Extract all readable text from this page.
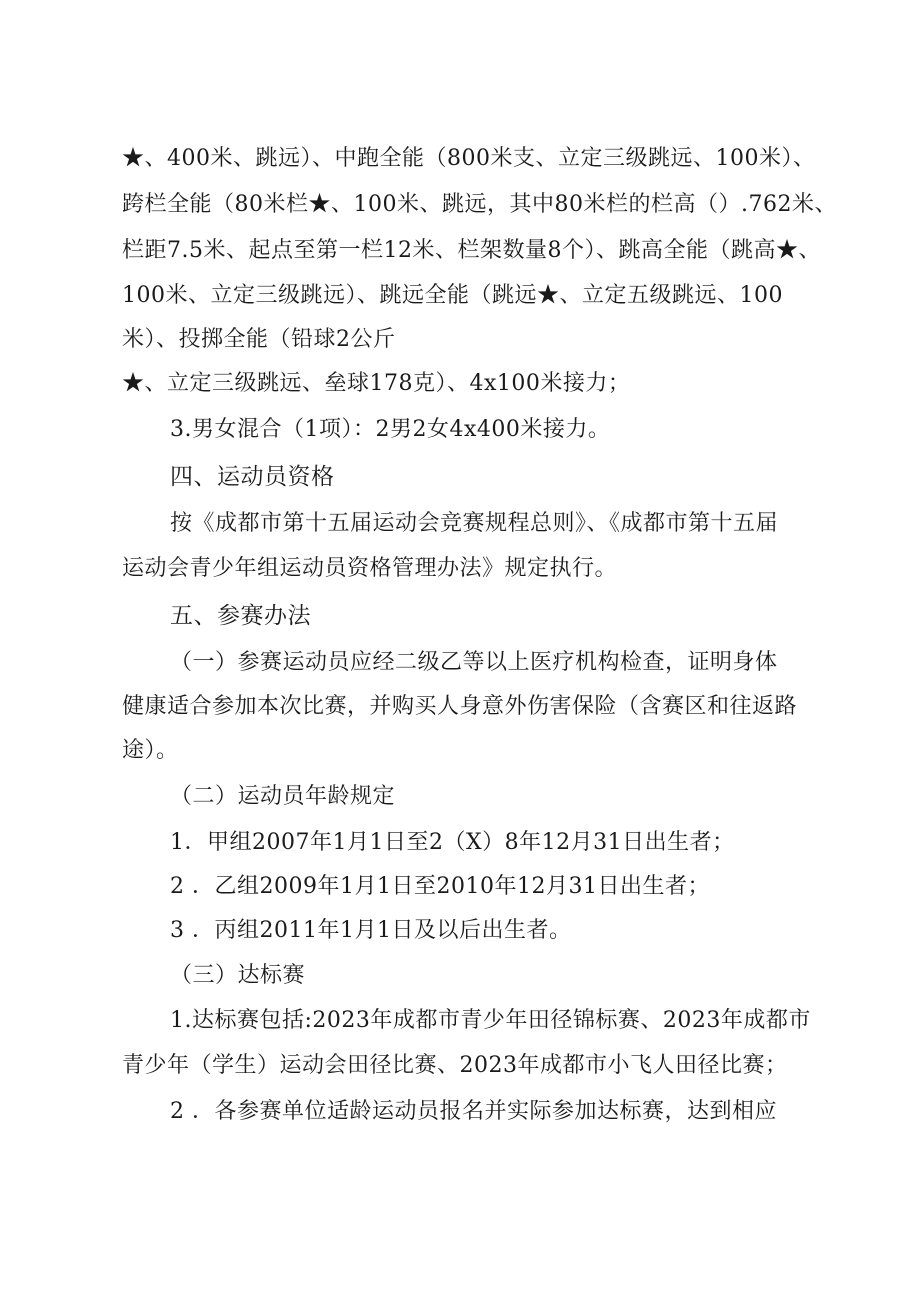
★、400米、跳远）、中跑全能（800米支、立定三级跳远、100米）、
跨栏全能（80米栏★、100米、跳远，其中80米栏的栏高（）.762米、
栏距7.5米、起点至第一栏12米、栏架数量8个）、跳高全能（跳高★、
100米、立定三级跳远）、跳远全能（跳远★、立定五级跳远、100
米）、投掷全能（铅球2公斤
★、立定三级跳远、垒球178克）、4x100米接力；
3.男女混合（1项）：2男2女4x400米接力。
四、运动员资格
按《成都市第十五届运动会竞赛规程总则》、《成都市第十五届
运动会青少年组运动员资格管理办法》规定执行。
五、参赛办法
（一）参赛运动员应经二级乙等以上医疗机构检查，证明身体
健康适合参加本次比赛，并购买人身意外伤害保险（含赛区和往返路
途）。
（二）运动员年龄规定
1．甲组2007年1月1日至2（X）8年12月31日出生者；
2 ．乙组2009年1月1日至2010年12月31日出生者；
3 ．丙组2011年1月1日及以后出生者。
（三）达标赛
1.达标赛包括:2023年成都市青少年田径锦标赛、2023年成都市
青少年（学生）运动会田径比赛、2023年成都市小飞人田径比赛；
2 ．各参赛单位适龄运动员报名并实际参加达标赛，达到相应
